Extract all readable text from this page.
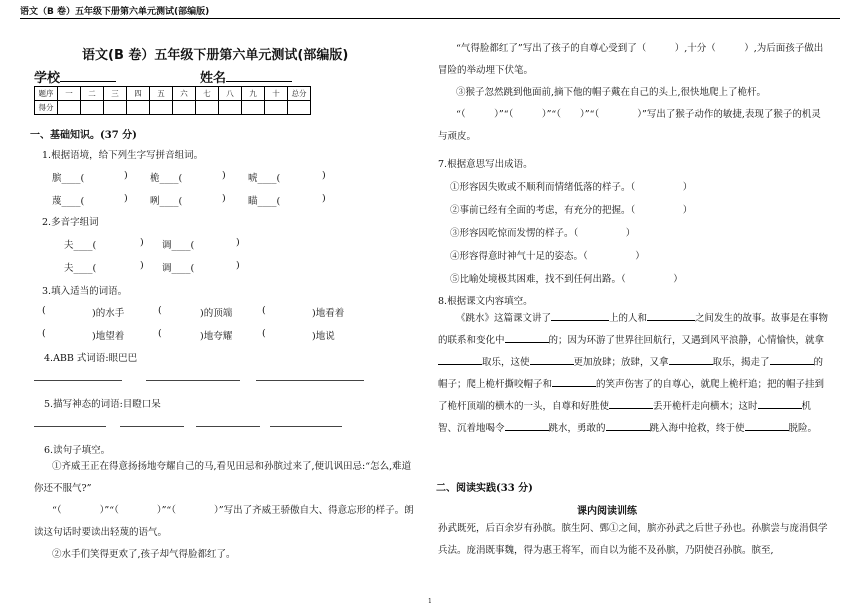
语文（B 卷）五年级下册第六单元测试(部编版)
语文(B 卷）五年级下册第六单元测试(部编版)
学校	姓名
题序	一	二	三	四	五	六	七	八	九	十	总分
得分											
一、基础知识。(37 分)
1.根据语境，给下列生字写拼音组词。
膑____(	) 桅____(	) 唬____(	)
蔑____(	) 咧____(	) 瞄____(	)
2.多音字组词
夫____(	) 调____(	)
夫____(	) 调____(	)
3.填入适当的词语。
(	)的水手	(	)的顶端	(	)地看着
(	)地望着	(	)地夸耀	(	)地说
4.ABB 式词语:眼巴巴
5.描写神态的词语:目瞪口呆
6.读句子填空。
①齐威王正在得意扬扬地夸耀自己的马,看见田忌和孙膑过来了,便讥讽田忌:“怎么,难道你还不服气?”
“（　　　　）”“（　　　　）”“（　　　　）”写出了齐威王骄傲自大、得意忘形的样子。朗读这句话时要读出轻蔑的语气。
②水手们笑得更欢了,孩子却气得脸都红了。
“气得脸都红了”写出了孩子的自尊心受到了（　　　）,十分（　　　）,为后面孩子做出冒险的举动埋下伏笔。
③猴子忽然跳到他面前,摘下他的帽子戴在自己的头上,很快地爬上了桅杆。
“（　　　）”“（　　　）”“（　　）”“（　　　　）”写出了猴子动作的敏捷,表现了猴子的机灵与顽皮。
7.根据意思写出成语。
①形容因失败或不顺利而情绪低落的样子。（　　　　　）
②事前已经有全面的考虑，有充分的把握。（　　　　　）
③形容因吃惊而发愣的样子。（　　　　　）
④形容得意时神气十足的姿态。（　　　　　）
⑤比喻处境极其困难，找不到任何出路。（　　　　　）
8.根据课文内容填空。
《跳水》这篇课文讲了	上的人和	之间发生的故事。故事是在事物的联系和变化中	的；因为环游了世界往回航行，又遇到风平浪静，心情愉快，就拿取乐，这使	更加放肆；放肆，又拿	取乐，揭走了	的帽子；爬上桅杆撕咬帽子和	的笑声伤害了的自尊心，就爬上桅杆追；把的帽子挂到了桅杆顶端的横木的一头，自尊和好胜使	丢开桅杆走向横木；这时	机智、沉着地喝令	跳水，勇敢的	跳入海中抢救，终于使	脱险。
二、阅读实践(33 分)
课内阅读训练
孙武既死，后百余岁有孙膑。膑生阿、鄄①之间，膑亦孙武之后世子孙也。孙膑尝与庞涓俱学兵法。庞涓既事魏，得为惠王将军，而自以为能不及孙膑，乃阴使召孙膑。膑至,
1
